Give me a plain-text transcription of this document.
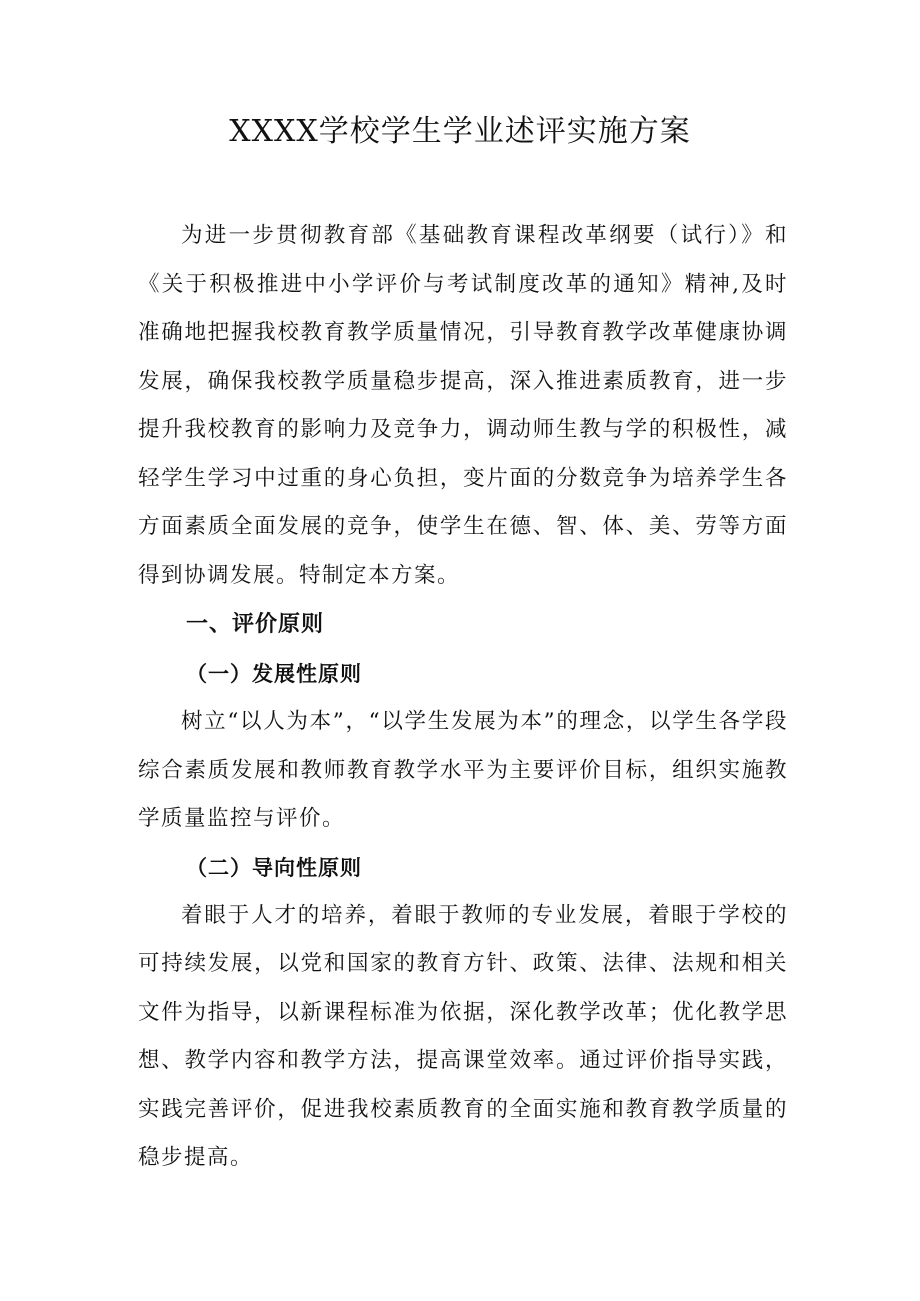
XXXX学校学生学业述评实施方案

为进一步贯彻教育部《基础教育课程改革纲要（试行）》和《关于积极推进中小学评价与考试制度改革的通知》精神,及时准确地把握我校教育教学质量情况，引导教育教学改革健康协调发展，确保我校教学质量稳步提高，深入推进素质教育，进一步提升我校教育的影响力及竞争力，调动师生教与学的积极性，减轻学生学习中过重的身心负担，变片面的分数竞争为培养学生各方面素质全面发展的竞争，使学生在德、智、体、美、劳等方面得到协调发展。特制定本方案。

一、评价原则
（一）发展性原则

树立“以人为本”，“以学生发展为本”的理念，以学生各学段综合素质发展和教师教育教学水平为主要评价目标，组织实施教学质量监控与评价。

（二）导向性原则

着眼于人才的培养，着眼于教师的专业发展，着眼于学校的可持续发展，以党和国家的教育方针、政策、法律、法规和相关文件为指导，以新课程标准为依据，深化教学改革；优化教学思想、教学内容和教学方法，提高课堂效率。通过评价指导实践，实践完善评价，促进我校素质教育的全面实施和教育教学质量的稳步提高。
